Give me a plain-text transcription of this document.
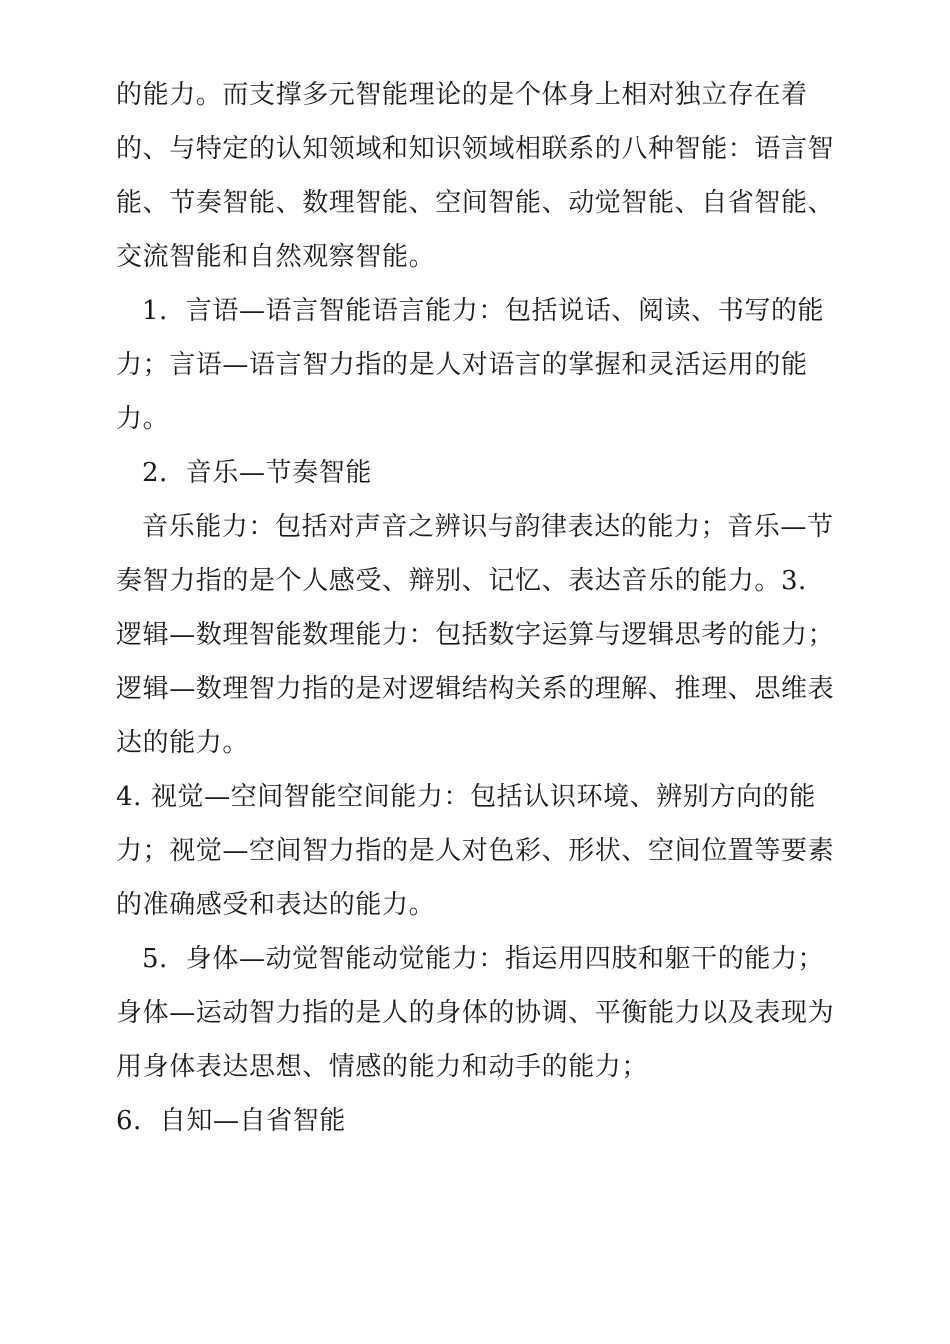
的能力。而支撑多元智能理论的是个体身上相对独立存在着的、与特定的认知领域和知识领域相联系的八种智能：语言智能、节奏智能、数理智能、空间智能、动觉智能、自省智能、交流智能和自然观察智能。

1．言语—语言智能语言能力：包括说话、阅读、书写的能力；言语—语言智力指的是人对语言的掌握和灵活运用的能力。

2．音乐—节奏智能

音乐能力：包括对声音之辨识与韵律表达的能力；音乐—节奏智力指的是个人感受、辩别、记忆、表达音乐的能力。3．逻辑—数理智能数理能力：包括数字运算与逻辑思考的能力；逻辑—数理智力指的是对逻辑结构关系的理解、推理、思维表达的能力。

4. 视觉—空间智能空间能力：包括认识环境、辨别方向的能力；视觉—空间智力指的是人对色彩、形状、空间位置等要素的准确感受和表达的能力。

5．身体—动觉智能动觉能力：指运用四肢和躯干的能力；身体—运动智力指的是人的身体的协调、平衡能力以及表现为用身体表达思想、情感的能力和动手的能力；

6．自知—自省智能
